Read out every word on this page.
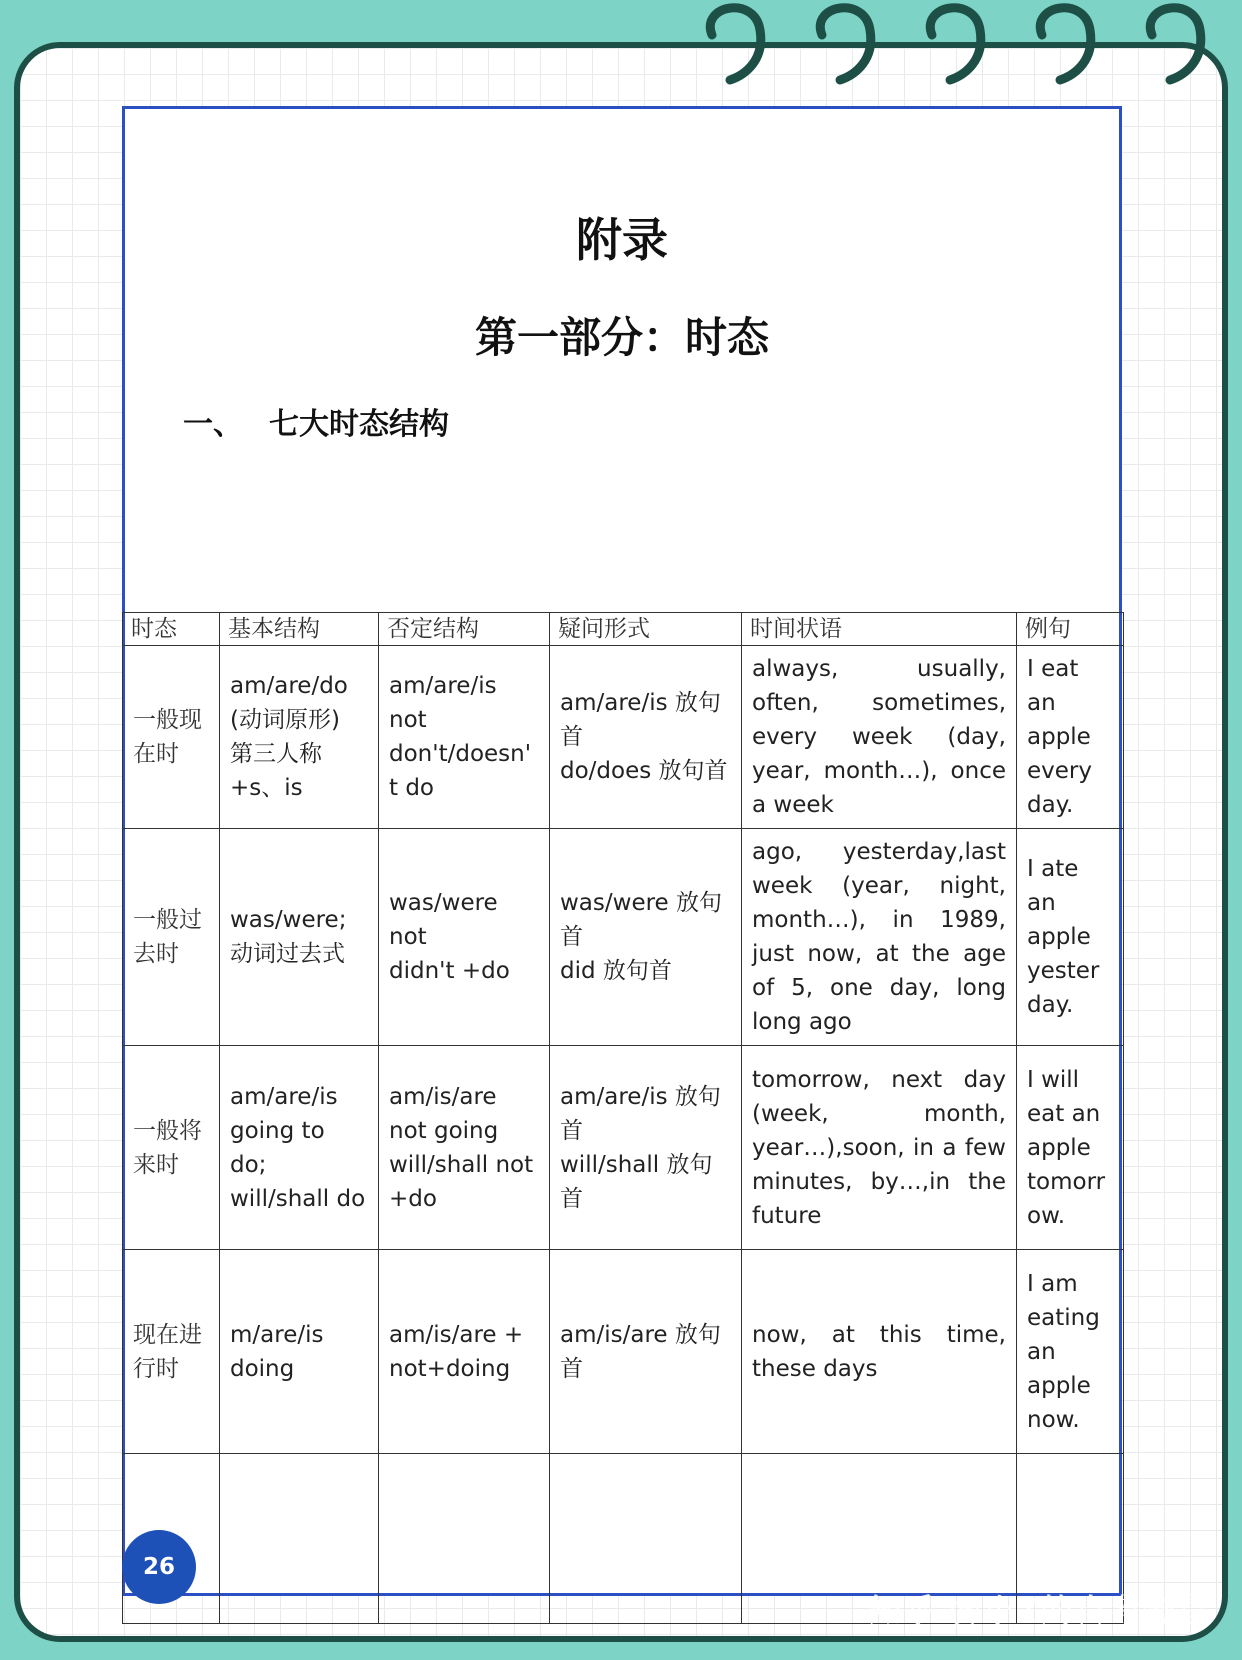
附录
第一部分：时态
一、 七大时态结构
时态	基本结构	否定结构	疑问形式	时间状语	例句
一般现在时	am/are/do
(动词原形)
第三人称
+s、is	am/are/is
not
don't/doesn't do	am/are/is 放句首
do/does 放句首	always, usually, often, sometimes, every week (day, year, month…), once a week	I eat an apple every day.
一般过去时	was/were;
动词过去式	was/were
not
didn't +do	was/were 放句首
did 放句首	ago, yesterday,last week (year, night, month…), in 1989, just now, at the age of 5, one day, long long ago	I ate an apple yester day.
一般将来时	am/are/is going to do;
will/shall do	am/is/are not going
will/shall not +do	am/are/is 放句首
will/shall 放句首	tomorrow, next day (week, month, year…),soon, in a few minutes, by…,in the future	I will eat an apple tomorrow.
现在进行时	m/are/is doing	am/is/are + not+doing	am/is/are 放句首	now, at this time, these days	I am eating an apple now.

26
知乎 @小Z的自考分享
